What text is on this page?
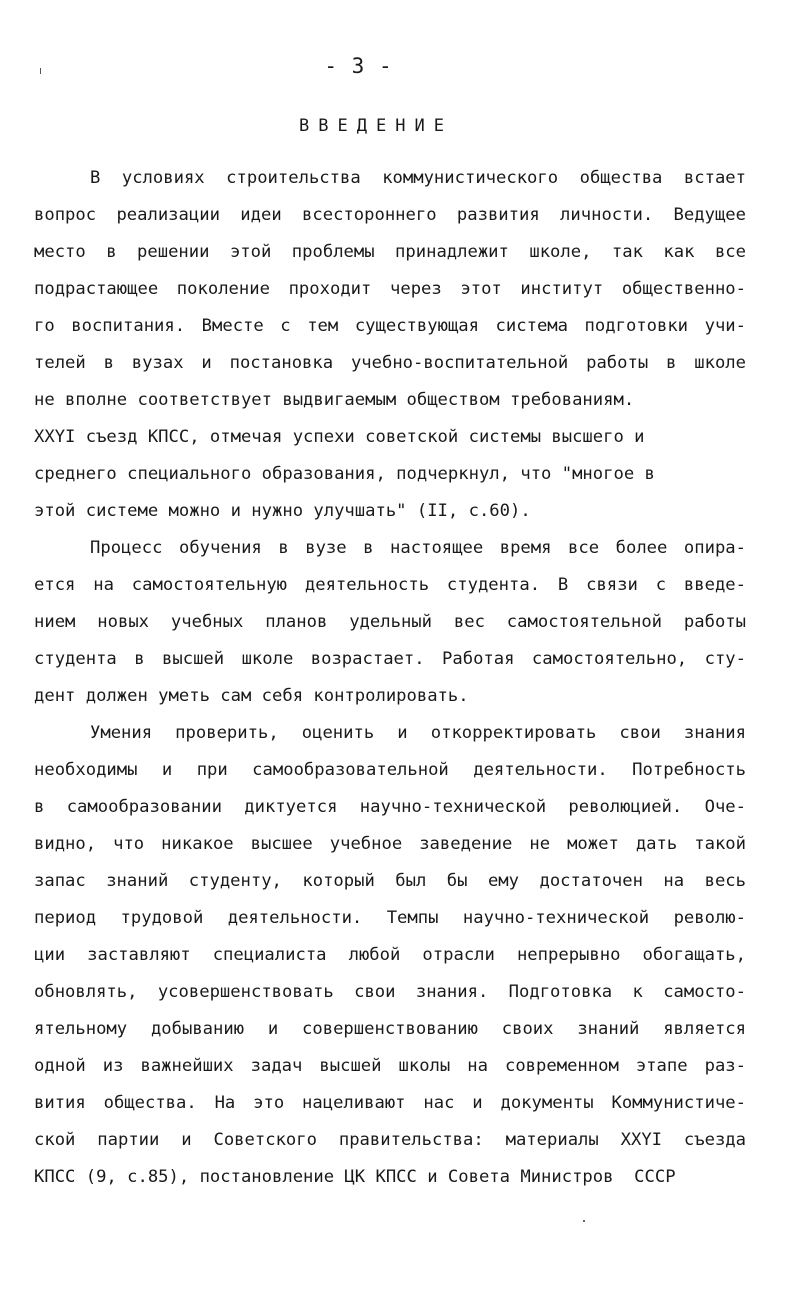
- 3 -
ВВЕДЕНИЕ
В условиях строительства коммунистического общества встает
вопрос реализации идеи всестороннего развития личности. Ведущее
место в решении этой проблемы принадлежит школе, так как все
подрастающее поколение проходит через этот институт общественно-
го воспитания. Вместе с тем существующая система подготовки учи-
телей в вузах и постановка учебно-воспитательной работы в школе
не вполне соответствует выдвигаемым обществом требованиям.
XXYI съезд КПСС, отмечая успехи советской системы высшего и
среднего специального образования, подчеркнул, что "многое в
этой системе можно и нужно улучшать" (II, с.60).
Процесс обучения в вузе в настоящее время все более опира-
ется на самостоятельную деятельность студента. В связи с введе-
нием новых учебных планов удельный вес самостоятельной работы
студента в высшей школе возрастает. Работая самостоятельно, сту-
дент должен уметь сам себя контролировать.
Умения проверить, оценить и откорректировать свои знания
необходимы и при самообразовательной деятельности. Потребность
в самообразовании диктуется научно-технической революцией. Оче-
видно, что никакое высшее учебное заведение не может дать такой
запас знаний студенту, который был бы ему достаточен на весь
период трудовой деятельности. Темпы научно-технической револю-
ции заставляют специалиста любой отрасли непрерывно обогащать,
обновлять, усовершенствовать свои знания. Подготовка к самосто-
ятельному добыванию и совершенствованию своих знаний является
одной из важнейших задач высшей школы на современном этапе раз-
вития общества. На это нацеливают нас и документы Коммунистиче-
ской партии и Советского правительства: материалы XXYI съезда
КПСС (9, с.85), постановление ЦК КПСС и Совета Министров  СССР
